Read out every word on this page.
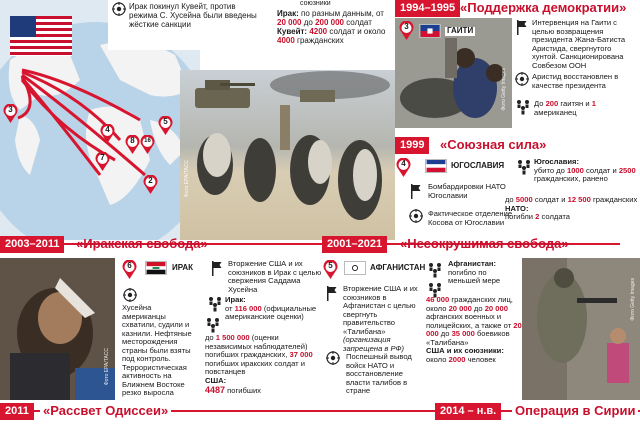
3
4
8	16
5
7
2
Ирак покинул Кувейт, против режима С. Хусейна были введены жёсткие санкции
союзники
Ирак: по разным данным, от 20 000 до 200 000 солдат
Кувейт: 4200 солдат и около 4000 гражданских
Фото EPA/TACC
1994–1995 «Поддержка демократии»
3	ГАИТИ
Фото Getty Images
Интервенция на Гаити с целью возвращения президента Жана-Батиста Аристида, свергнутого хунтой. Санкционирована Совбезом ООН
Аристид восстановлен в качестве президента
До 200 гаитян и 1 американец
1999	«Союзная сила»
4	ЮГОСЛАВИЯ
Бомбардировки НАТО Югославии
Фактическое отделение Косова от Югославии
Югославия:
убито до 1000 солдат и 2500 гражданских, ранено
до 5000 солдат и 12 500 гражданских
НАТО:
погибли 2 солдата
2003–2011	«Иракская свобода»	2001–2021	«Несокрушимая свобода»
Фото EPA/TACC
6	ИРАК
Хусейна американцы схватили, судили и казнили. Нефтяные месторождения страны были взяты под контроль. Террористическая активность на Ближнем Востоке резко выросла
Вторжение США и их союзников в Ирак с целью свержения Саддама Хусейна
Ирак:
от 116 000 (официальные американские оценки)
до 1 500 000 (оценки независимых наблюдателей) погибших гражданских, 37 000 погибших иракских солдат и повстанцев
США:
4487 погибших
5	АФГАНИСТАН
Вторжение США и их союзников в Афганистан с целью свергнуть правительство «Талибана» (организация запрещена в РФ)
Поспешный вывод войск НАТО и восстановление власти талибов в стране
Афганистан: погибло по меньшей мере
46 000 гражданских лиц, около 20 000 до 20 000 афганских военных и полицейских, а также от 20 000 до 35 000 боевиков «Талибана»
США и их союзники:
около 2000 человек
Фото Getty Images
2011	«Рассвет Одиссеи»	2014 – н.в.	Операция в Сирии
